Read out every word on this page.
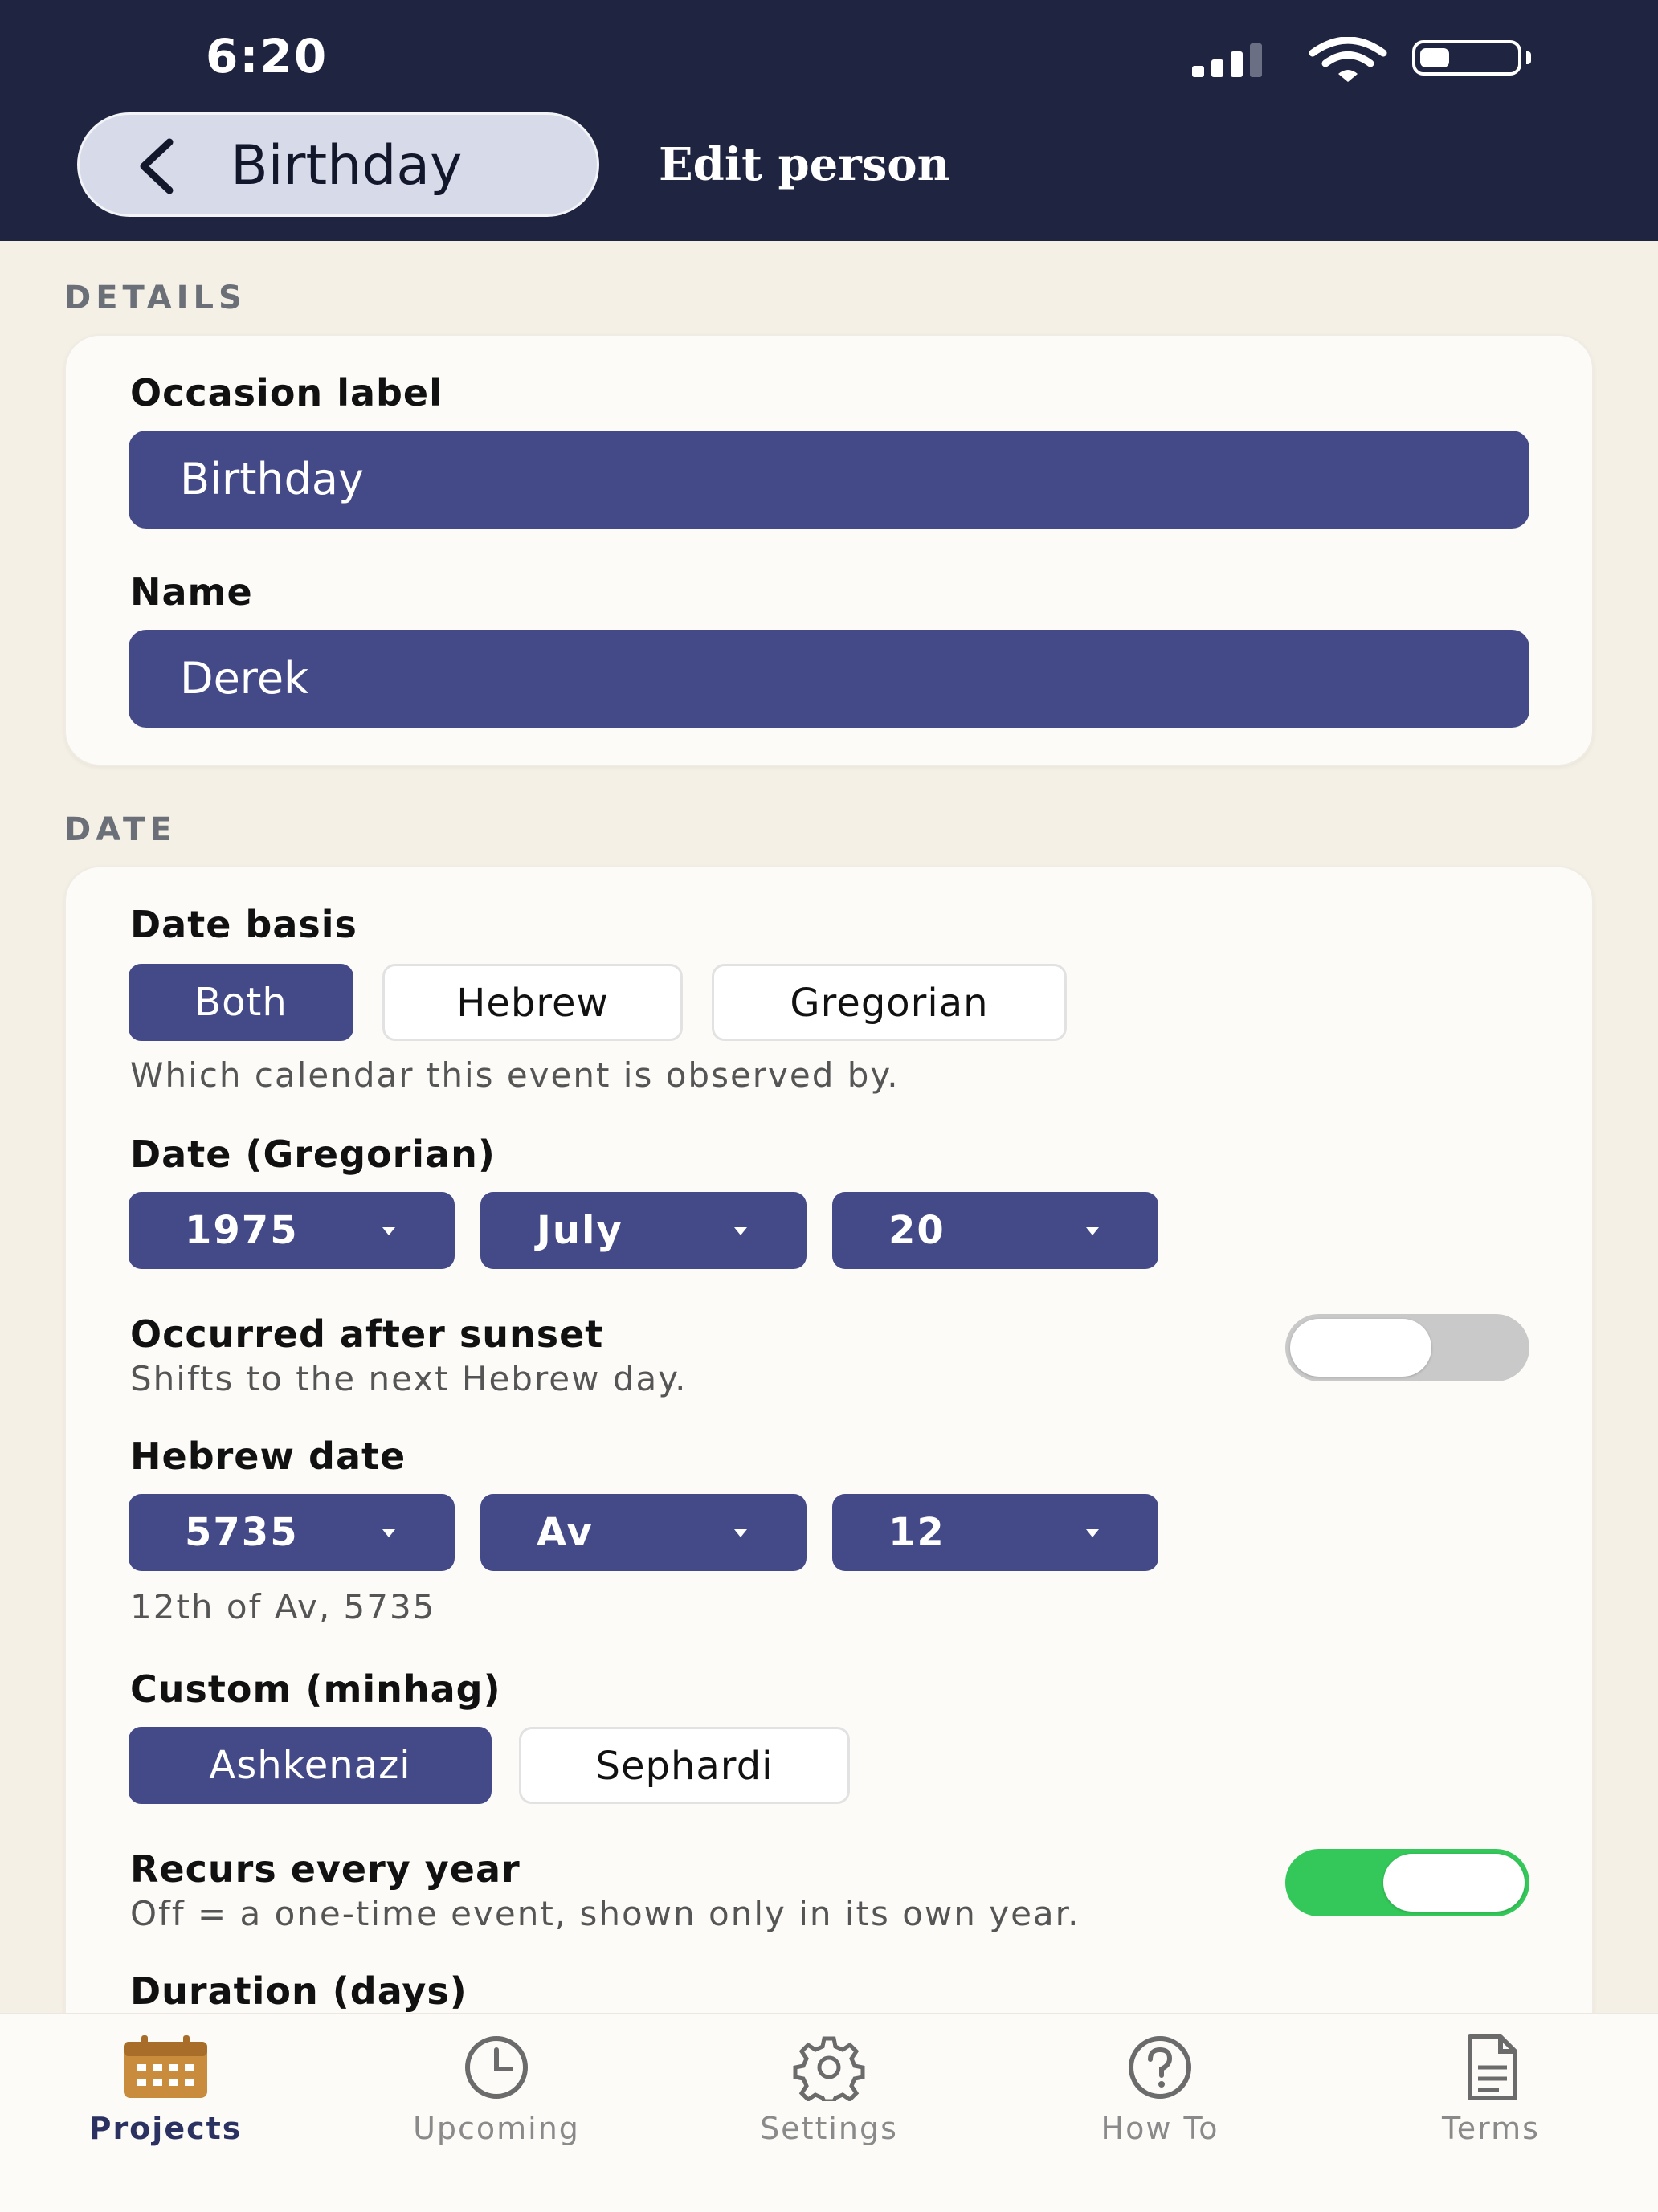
6:20
Birthday	Edit person
DETAILS
Occasion label
Birthday
Name
Derek
DATE
Date basis
Both	Hebrew	Gregorian
Which calendar this event is observed by.
Date (Gregorian)
1975	July	20
Occurred after sunset
Shifts to the next Hebrew day.
Hebrew date
5735	Av	12
12th of Av, 5735
Custom (minhag)
Ashkenazi	Sephardi
Recurs every year
Off = a one-time event, shown only in its own year.
Duration (days)
Projects	Upcoming	Settings	How To	Terms
